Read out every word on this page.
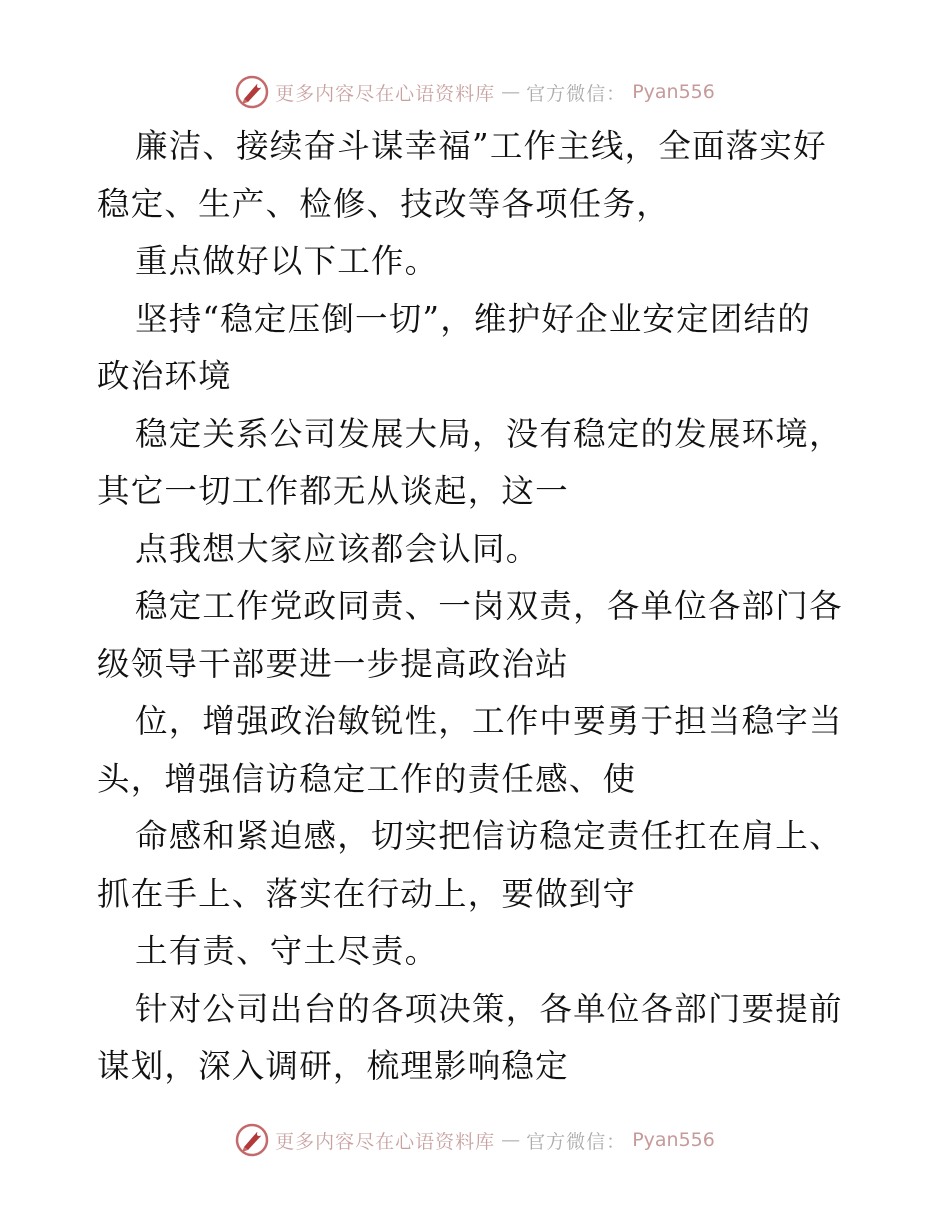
更多内容尽在心语资料库 — 官方微信： Pyan556
廉洁、接续奋斗谋幸福”工作主线，全面落实好
稳定、生产、检修、技改等各项任务，
重点做好以下工作。
坚持“稳定压倒一切”，维护好企业安定团结的
政治环境
稳定关系公司发展大局，没有稳定的发展环境，
其它一切工作都无从谈起，这一
点我想大家应该都会认同。
稳定工作党政同责、一岗双责，各单位各部门各
级领导干部要进一步提高政治站
位，增强政治敏锐性，工作中要勇于担当稳字当
头，增强信访稳定工作的责任感、使
命感和紧迫感，切实把信访稳定责任扛在肩上、
抓在手上、落实在行动上，要做到守
土有责、守土尽责。
针对公司出台的各项决策，各单位各部门要提前
谋划，深入调研，梳理影响稳定
更多内容尽在心语资料库 — 官方微信： Pyan556
